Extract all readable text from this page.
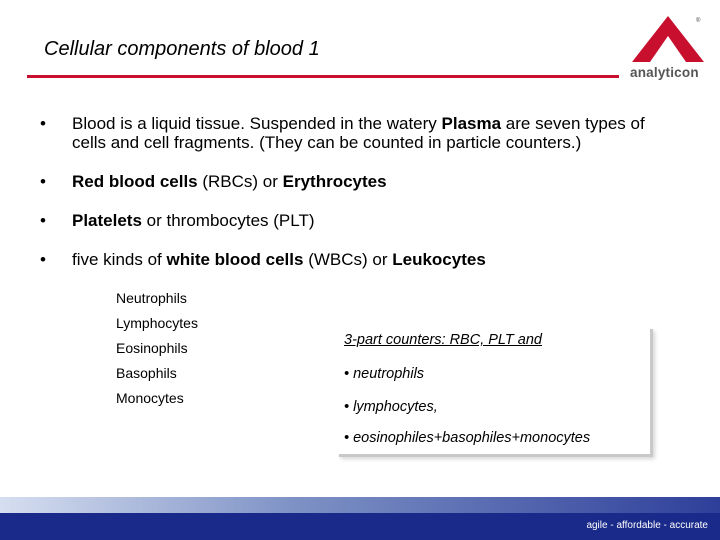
Cellular components of blood 1
®
analyticon
• Blood is a liquid tissue. Suspended in the watery Plasma are seven types of cells and cell fragments. (They can be counted in particle counters.)
• Red blood cells (RBCs) or Erythrocytes
• Platelets or thrombocytes (PLT)
• five kinds of white blood cells (WBCs) or Leukocytes
Neutrophils
Lymphocytes
Eosinophils
Basophils
Monocytes
3-part counters: RBC, PLT and
• neutrophils
• lymphocytes,
• eosinophiles+basophiles+monocytes
agile - affordable - accurate
